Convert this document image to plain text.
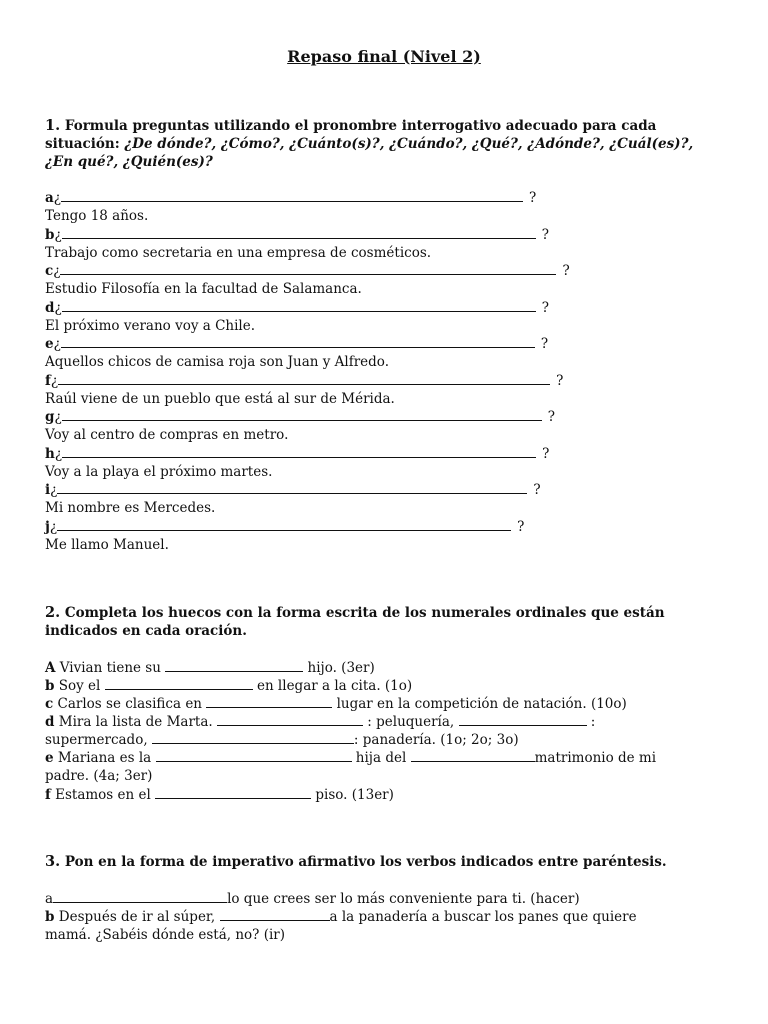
Repaso final (Nivel 2)
1. Formula preguntas utilizando el pronombre interrogativo adecuado para cada situación: ¿De dónde?, ¿Cómo?, ¿Cuánto(s)?, ¿Cuándo?, ¿Qué?, ¿Adónde?, ¿Cuál(es)?, ¿En qué?, ¿Quién(es)?
a¿	?
Tengo 18 años.
b¿	?
Trabajo como secretaria en una empresa de cosméticos.
c¿	?
Estudio Filosofía en la facultad de Salamanca.
d¿	?
El próximo verano voy a Chile.
e¿	?
Aquellos chicos de camisa roja son Juan y Alfredo.
f¿	?
Raúl viene de un pueblo que está al sur de Mérida.
g¿	?
Voy al centro de compras en metro.
h¿	?
Voy a la playa el próximo martes.
i¿	?
Mi nombre es Mercedes.
j¿	?
Me llamo Manuel.
2. Completa los huecos con la forma escrita de los numerales ordinales que están indicados en cada oración.
A Vivian tiene su	hijo. (3er)
b Soy el	en llegar a la cita. (1o)
c Carlos se clasifica en	lugar en la competición de natación. (10o)
d Mira la lista de Marta.	: peluquería,	:
supermercado,	: panadería. (1o; 2o; 3o)
e Mariana es la	hija del	matrimonio de mi
padre. (4a; 3er)
f Estamos en el	piso. (13er)
3. Pon en la forma de imperativo afirmativo los verbos indicados entre paréntesis.
a	lo que crees ser lo más conveniente para ti. (hacer)
b Después de ir al súper,	a la panadería a buscar los panes que quiere
mamá. ¿Sabéis dónde está, no? (ir)
